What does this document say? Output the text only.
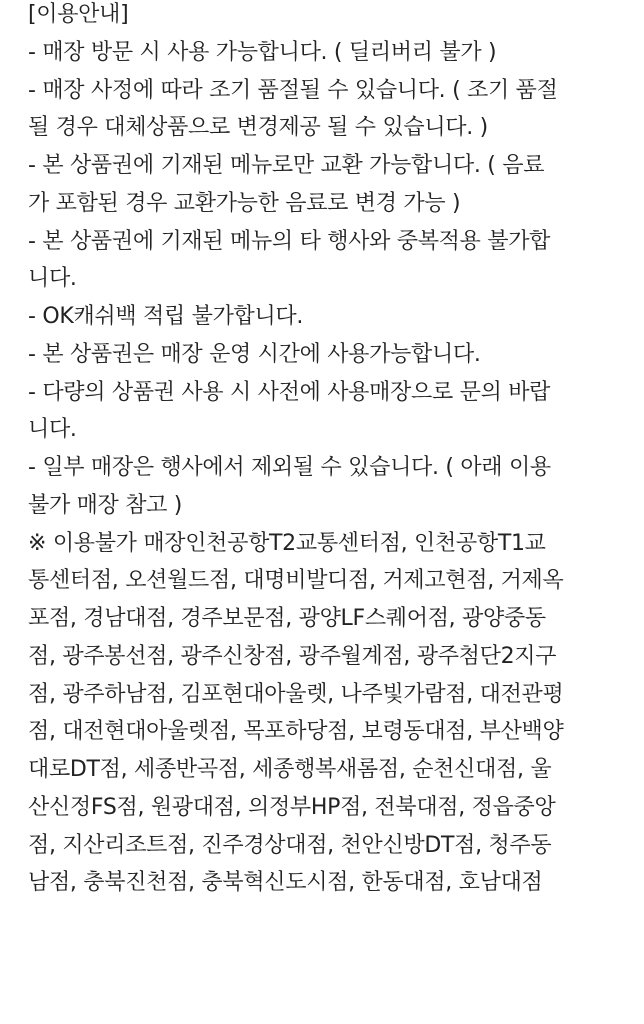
[이용안내]
- 매장 방문 시 사용 가능합니다. ( 딜리버리 불가 )
- 매장 사정에 따라 조기 품절될 수 있습니다. ( 조기 품절
될 경우 대체상품으로 변경제공 될 수 있습니다. )
- 본 상품권에 기재된 메뉴로만 교환 가능합니다. ( 음료
가 포함된 경우 교환가능한 음료로 변경 가능 )
- 본 상품권에 기재된 메뉴의 타 행사와 중복적용 불가합
니다.
- OK캐쉬백 적립 불가합니다.
- 본 상품권은 매장 운영 시간에 사용가능합니다.
- 다량의 상품권 사용 시 사전에 사용매장으로 문의 바랍
니다.
- 일부 매장은 행사에서 제외될 수 있습니다. ( 아래 이용
불가 매장 참고 )
※ 이용불가 매장인천공항T2교통센터점, 인천공항T1교
통센터점, 오션월드점, 대명비발디점, 거제고현점, 거제옥
포점, 경남대점, 경주보문점, 광양LF스퀘어점, 광양중동
점, 광주봉선점, 광주신창점, 광주월계점, 광주첨단2지구
점, 광주하남점, 김포현대아울렛, 나주빛가람점, 대전관평
점, 대전현대아울렛점, 목포하당점, 보령동대점, 부산백양
대로DT점, 세종반곡점, 세종행복새롬점, 순천신대점, 울
산신정FS점, 원광대점, 의정부HP점, 전북대점, 정읍중앙
점, 지산리조트점, 진주경상대점, 천안신방DT점, 청주동
남점, 충북진천점, 충북혁신도시점, 한동대점, 호남대점
